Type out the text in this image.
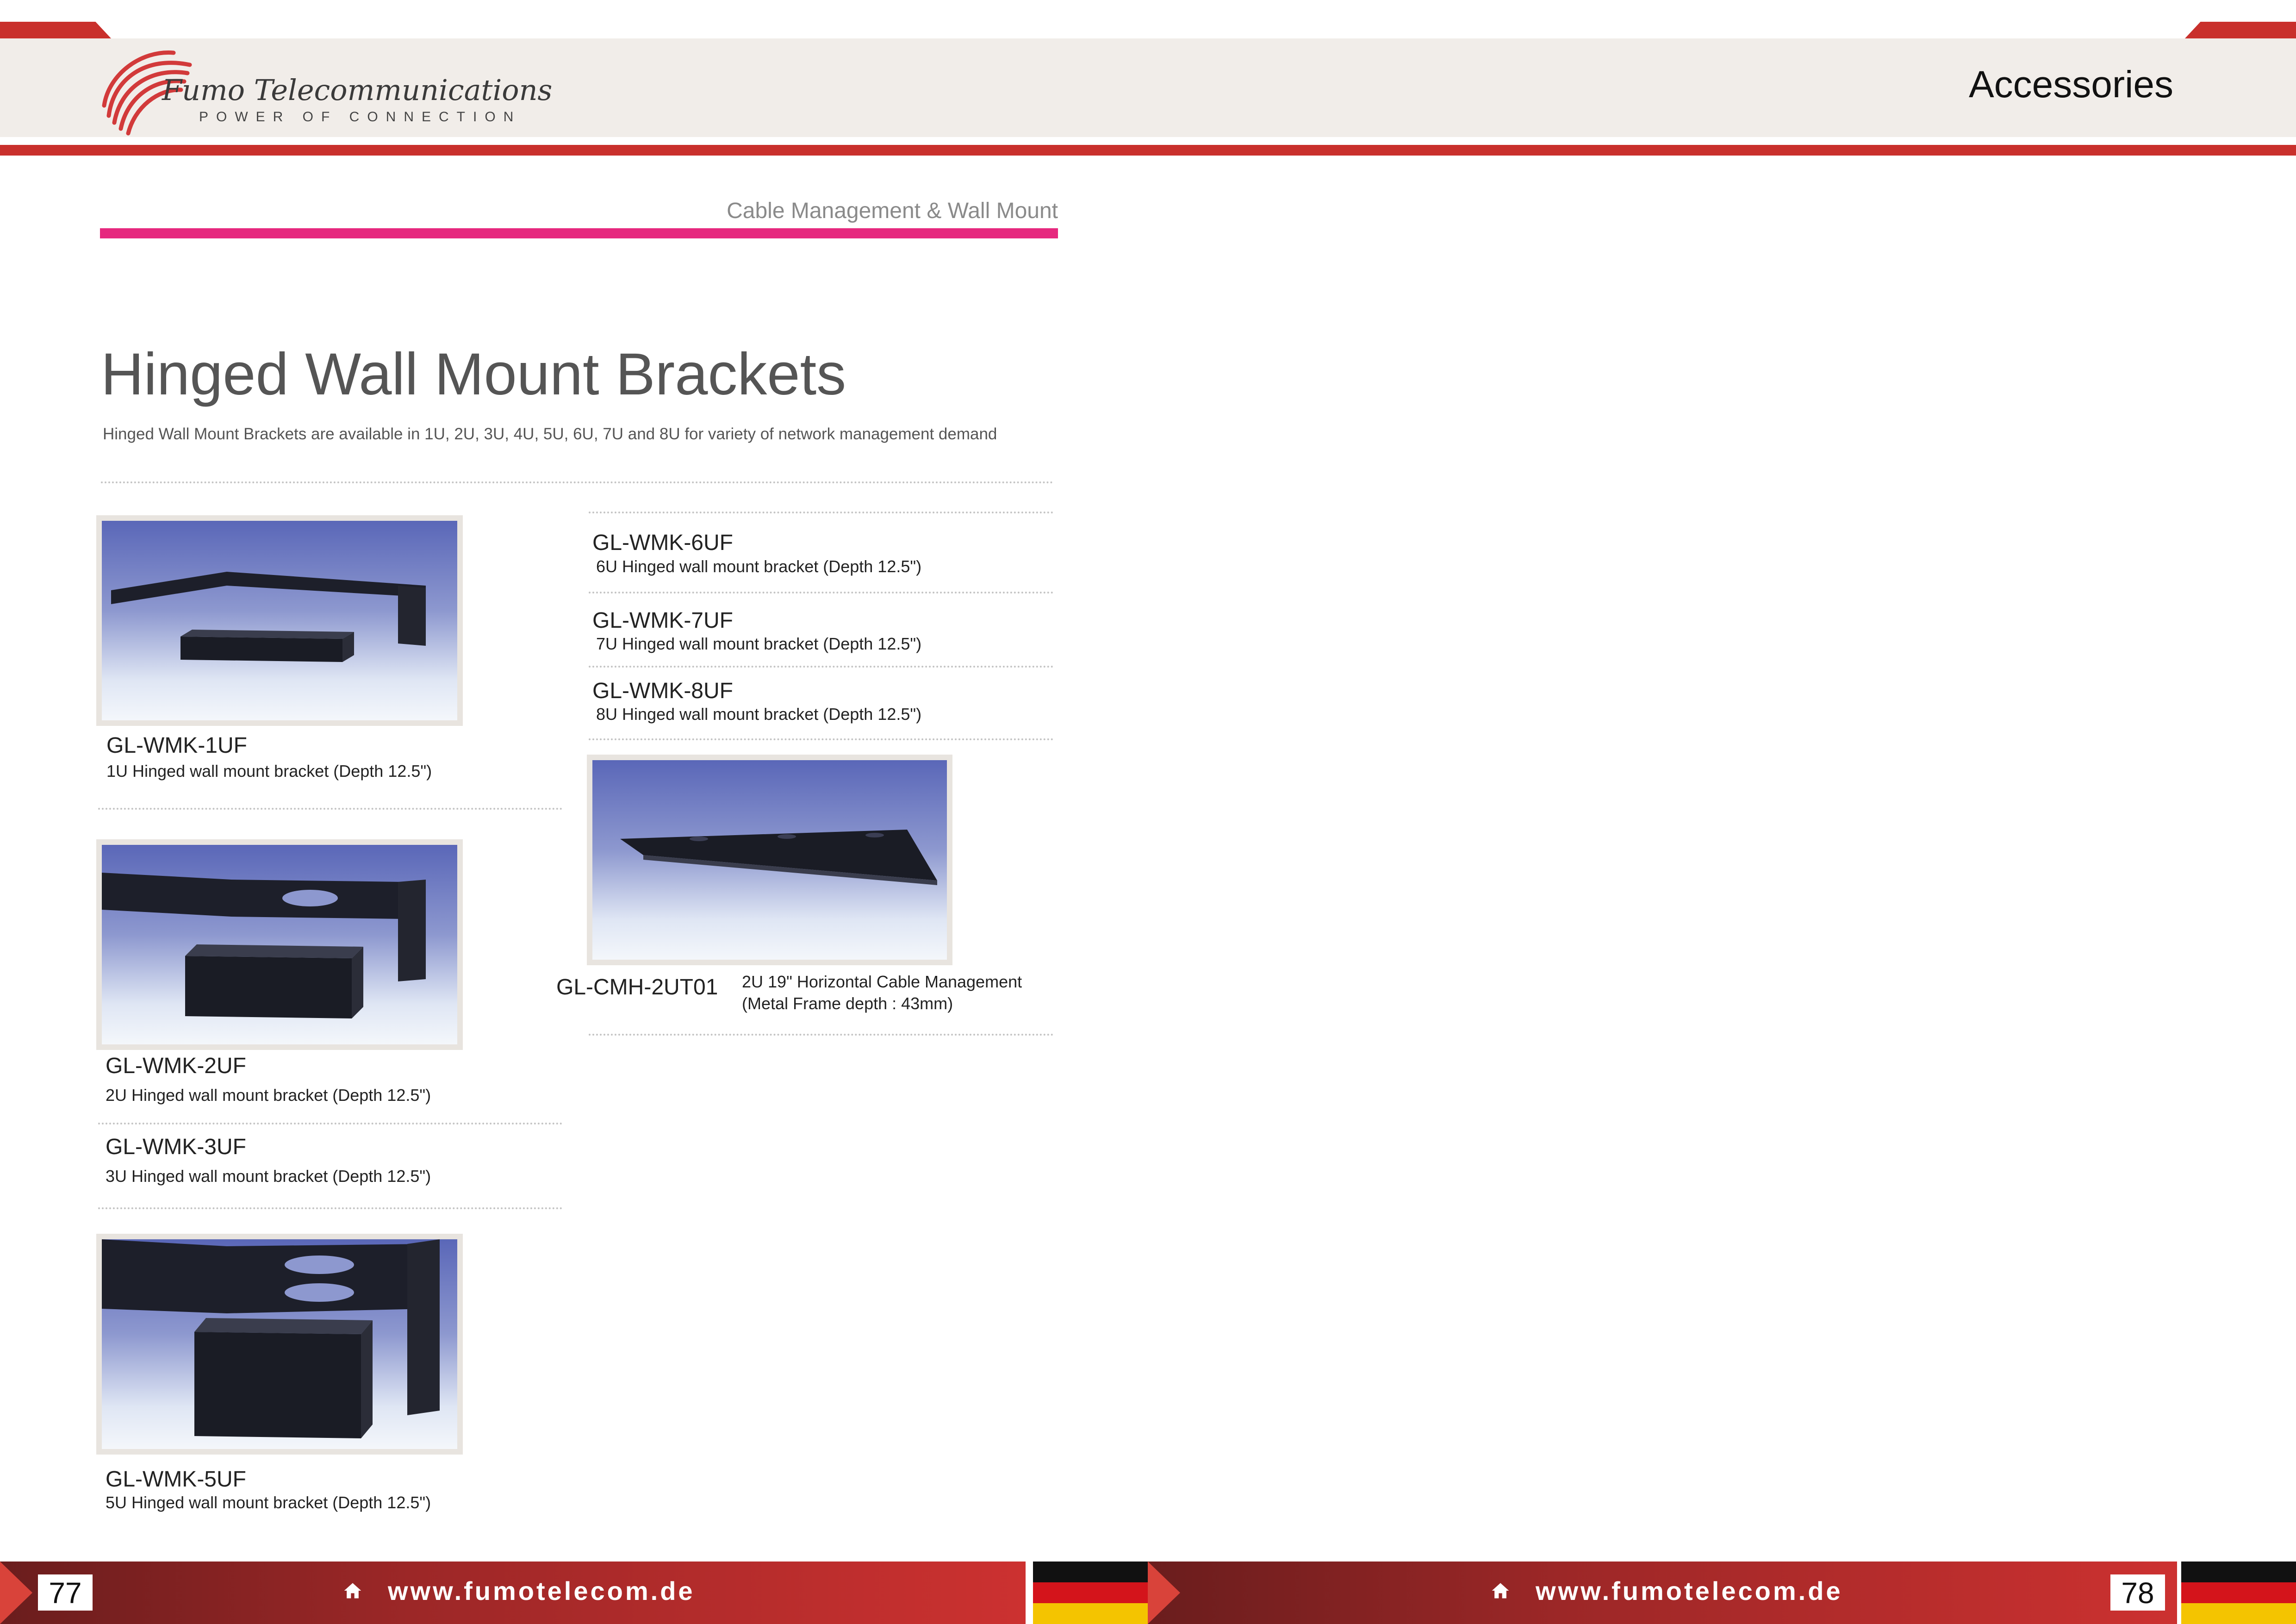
Fumo Telecommunications
POWER OF CONNECTION
Accessories
Cable Management & Wall Mount
Hinged Wall Mount Brackets
Hinged Wall Mount Brackets are available in 1U, 2U, 3U, 4U, 5U, 6U, 7U and 8U for variety of network management demand
GL-WMK-1UF
1U Hinged wall mount bracket (Depth 12.5")
GL-WMK-2UF
2U Hinged wall mount bracket (Depth 12.5")
GL-WMK-3UF
3U Hinged wall mount bracket (Depth 12.5")
GL-WMK-5UF
5U Hinged wall mount bracket (Depth 12.5")
GL-WMK-6UF
6U Hinged wall mount bracket (Depth 12.5")
GL-WMK-7UF
7U Hinged wall mount bracket (Depth 12.5")
GL-WMK-8UF
8U Hinged wall mount bracket (Depth 12.5")
GL-CMH-2UT01 2U 19" Horizontal Cable Management
(Metal Frame depth : 43mm)
77	www.fumotelecom.de	www.fumotelecom.de	78
